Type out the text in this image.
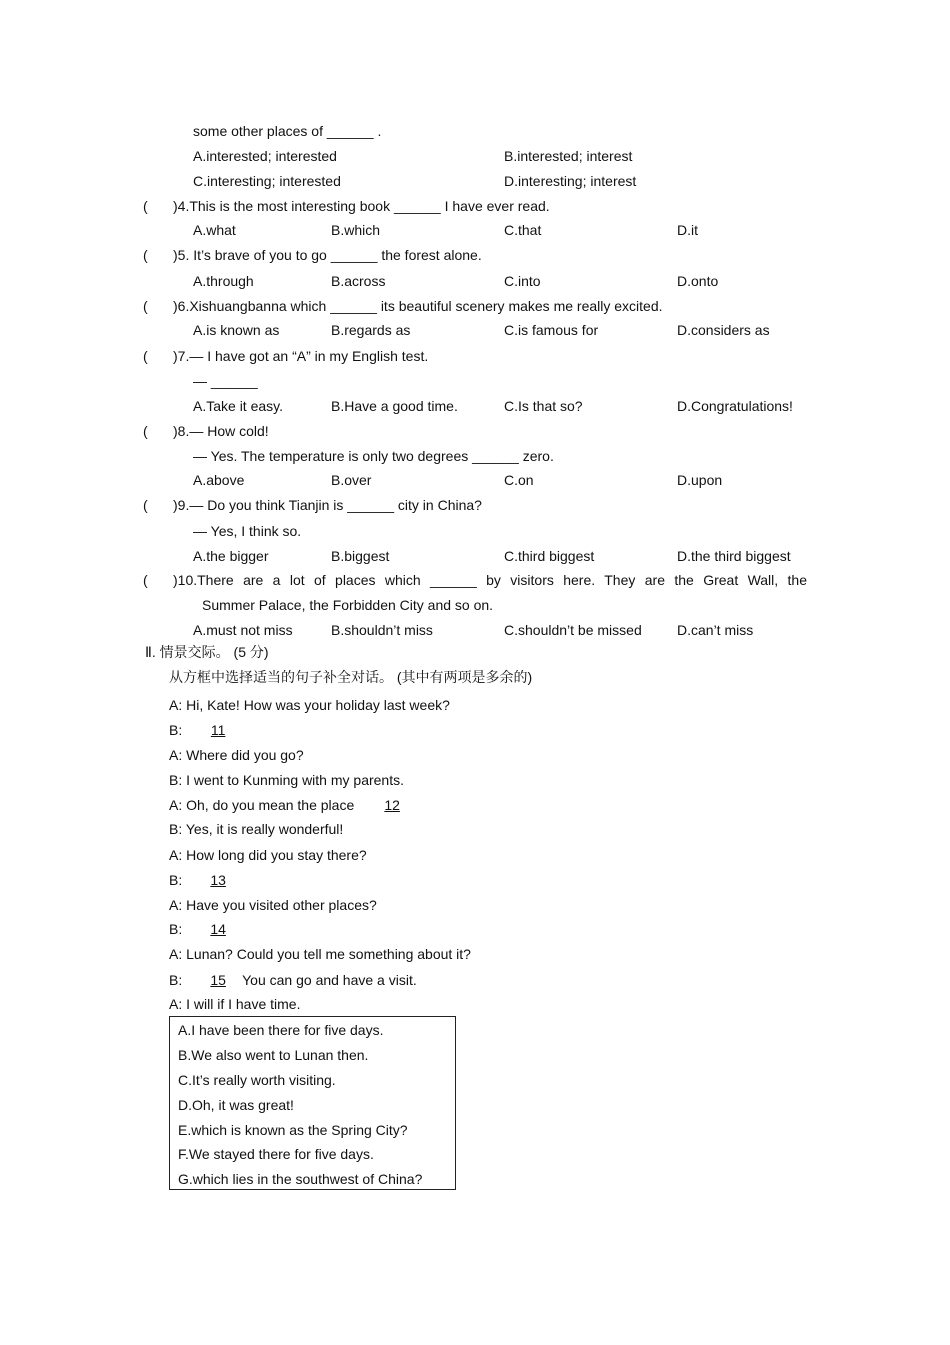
some other places of ______ .
A.interested; interested	B.interested; interest
C.interesting; interested	D.interesting; interest
( )4.This is the most interesting book ______ I have ever read.
A.what	B.which	C.that	D.it
( )5. It’s brave of you to go ______ the forest alone.
A.through	B.across	C.into	D.onto
( )6.Xishuangbanna which ______ its beautiful scenery makes me really excited.
A.is known as	B.regards as	C.is famous for	D.considers as
( )7.— I have got an “A” in my English test.
— ______
A.Take it easy.	B.Have a good time.	C.Is that so?	D.Congratulations!
( )8.— How cold!
— Yes. The temperature is only two degrees ______ zero.
A.above	B.over	C.on	D.upon
( )9.— Do you think Tianjin is ______ city in China?
— Yes, I think so.
A.the bigger	B.biggest	C.third biggest	D.the third biggest
( )10.There are a lot of places which ______ by visitors here. They are the Great Wall, the
Summer Palace, the Forbidden City and so on.
A.must not miss	B.shouldn’t miss	C.shouldn’t be missed	D.can’t miss
Ⅱ. 情景交际。 (5 分)
从方框中选择适当的句子补全对话。 (其中有两项是多余的)
A: Hi, Kate! How was your holiday last week?
B: 11
A: Where did you go?
B: I went to Kunming with my parents.
A: Oh, do you mean the place 12
B: Yes, it is really wonderful!
A: How long did you stay there?
B: 13
A: Have you visited other places?
B: 14
A: Lunan? Could you tell me something about it?
B: 15 You can go and have a visit.
A: I will if I have time.
A.I have been there for five days.
B.We also went to Lunan then.
C.It’s really worth visiting.
D.Oh, it was great!
E.which is known as the Spring City?
F.We stayed there for five days.
G.which lies in the southwest of China?
